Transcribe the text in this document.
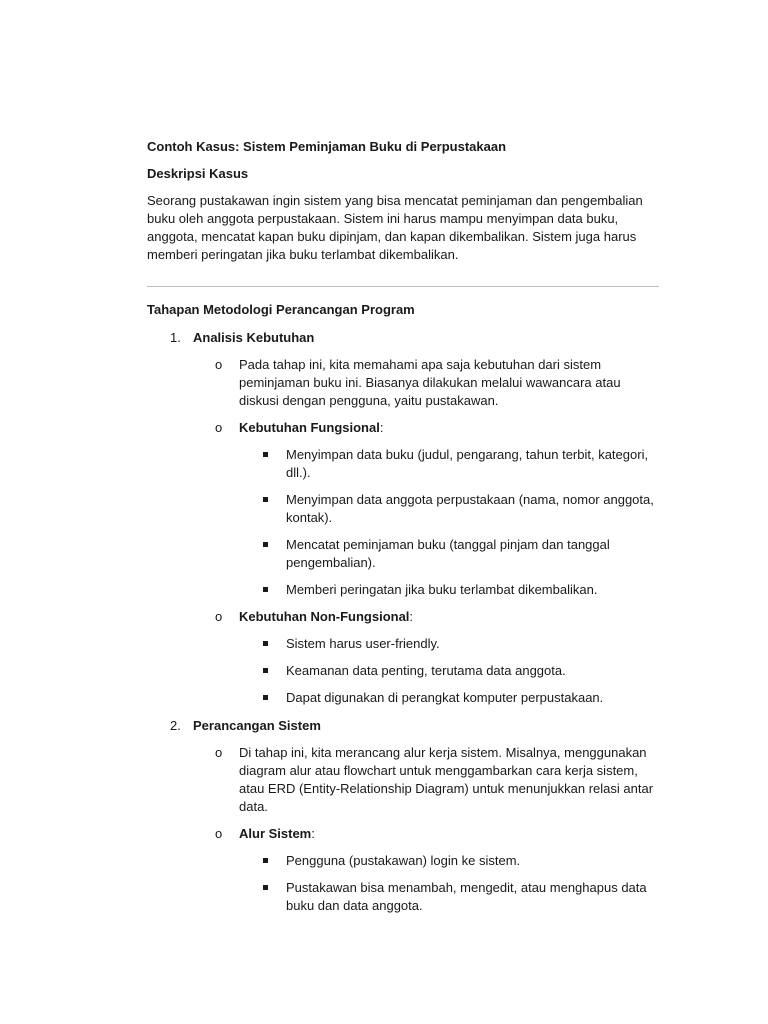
Contoh Kasus: Sistem Peminjaman Buku di Perpustakaan

Deskripsi Kasus

Seorang pustakawan ingin sistem yang bisa mencatat peminjaman dan pengembalian buku oleh anggota perpustakaan. Sistem ini harus mampu menyimpan data buku, anggota, mencatat kapan buku dipinjam, dan kapan dikembalikan. Sistem juga harus memberi peringatan jika buku terlambat dikembalikan.

Tahapan Metodologi Perancangan Program

1. Analisis Kebutuhan
o Pada tahap ini, kita memahami apa saja kebutuhan dari sistem peminjaman buku ini. Biasanya dilakukan melalui wawancara atau diskusi dengan pengguna, yaitu pustakawan.
o Kebutuhan Fungsional:
Menyimpan data buku (judul, pengarang, tahun terbit, kategori, dll.).
Menyimpan data anggota perpustakaan (nama, nomor anggota, kontak).
Mencatat peminjaman buku (tanggal pinjam dan tanggal pengembalian).
Memberi peringatan jika buku terlambat dikembalikan.
o Kebutuhan Non-Fungsional:
Sistem harus user-friendly.
Keamanan data penting, terutama data anggota.
Dapat digunakan di perangkat komputer perpustakaan.
2. Perancangan Sistem
o Di tahap ini, kita merancang alur kerja sistem. Misalnya, menggunakan diagram alur atau flowchart untuk menggambarkan cara kerja sistem, atau ERD (Entity-Relationship Diagram) untuk menunjukkan relasi antar data.
o Alur Sistem:
Pengguna (pustakawan) login ke sistem.
Pustakawan bisa menambah, mengedit, atau menghapus data buku dan data anggota.
